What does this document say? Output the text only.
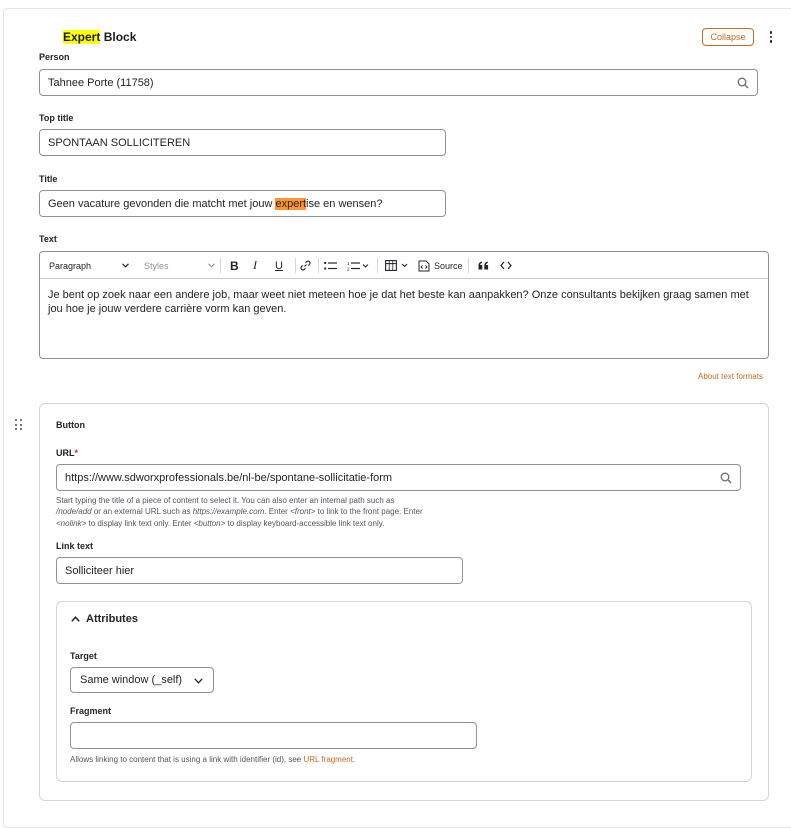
Expert Block	Collapse
Person
Tahnee Porte (11758)
Top title
SPONTAAN SOLLICITEREN
Title
Geen vacature gevonden die matcht met jouw expertise en wensen?
Text
Paragraph	Styles	B I U	1
2	Source
Je bent op zoek naar een andere job, maar weet niet meteen hoe je dat het beste kan aanpakken? Onze consultants bekijken graag samen met jou hoe je jouw verdere carrière vorm kan geven.
About text formats
Button
URL*
https://www.sdworxprofessionals.be/nl-be/spontane-sollicitatie-form
Start typing the title of a piece of content to select it. You can also enter an internal path such as
/node/add or an external URL such as https://example.com. Enter <front> to link to the front page. Enter
<nolink> to display link text only. Enter <button> to display keyboard-accessible link text only.
Link text
Solliciteer hier
Attributes
Target
Same window (_self)
Fragment
Allows linking to content that is using a link with identifier (id), see URL fragment.
